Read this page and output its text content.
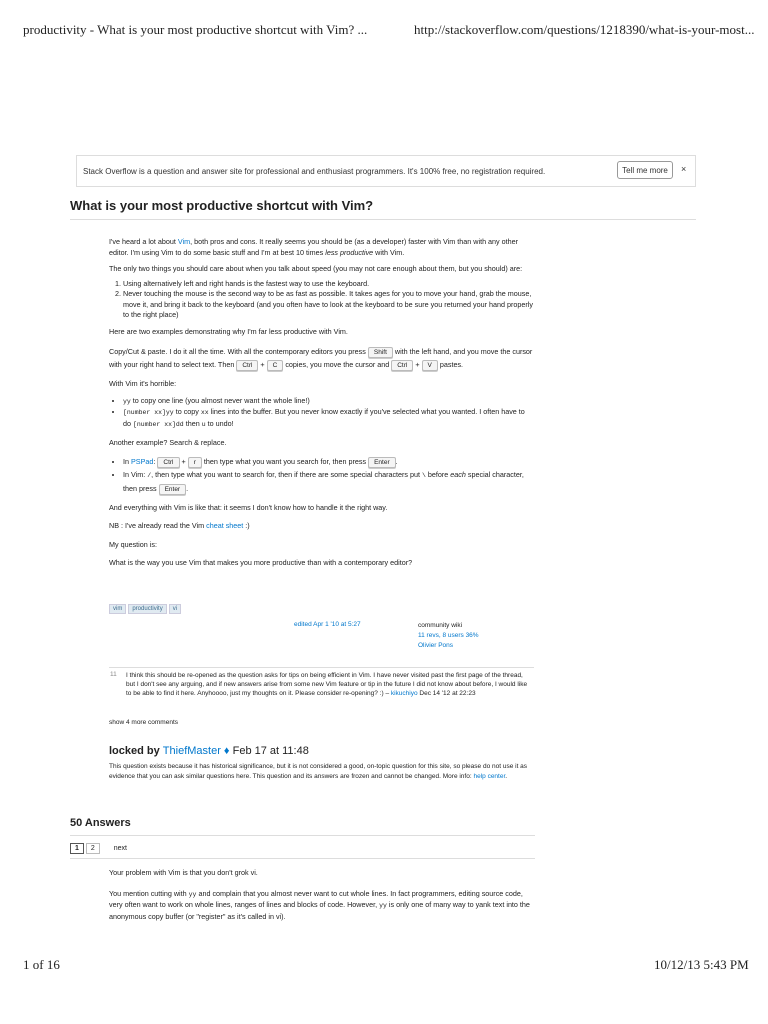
productivity - What is your most productive shortcut with Vim? ...	http://stackoverflow.com/questions/1218390/what-is-your-most...
Stack Overflow is a question and answer site for professional and enthusiast programmers. It's 100% free, no registration required.	Tell me more	×
What is your most productive shortcut with Vim?

I've heard a lot about Vim, both pros and cons. It really seems you should be (as a developer) faster with Vim than with any other editor. I'm using Vim to do some basic stuff and I'm at best 10 times less productive with Vim.

The only two things you should care about when you talk about speed (you may not care enough about them, but you should) are:

1. Using alternatively left and right hands is the fastest way to use the keyboard.
2. Never touching the mouse is the second way to be as fast as possible. It takes ages for you to move your hand, grab the mouse, move it, and bring it back to the keyboard (and you often have to look at the keyboard to be sure you returned your hand properly to the right place)

Here are two examples demonstrating why I'm far less productive with Vim.

Copy/Cut & paste. I do it all the time. With all the contemporary editors you press Shift with the left hand, and you move the cursor with your right hand to select text. Then Ctrl + C copies, you move the cursor and Ctrl + V pastes.

With Vim it's horrible:

• yy to copy one line (you almost never want the whole line!)
• [number xx]yy to copy xx lines into the buffer. But you never know exactly if you've selected what you wanted. I often have to do [number xx]dd then u to undo!

Another example? Search & replace.

• In PSPad: Ctrl + r then type what you want you search for, then press Enter .
• In Vim: /, then type what you want to search for, then if there are some special characters put \ before each special character, then press Enter .

And everything with Vim is like that: it seems I don't know how to handle it the right way.

NB : I've already read the Vim cheat sheet :)

My question is:

What is the way you use Vim that makes you more productive than with a contemporary editor?

vim productivity vi
edited Apr 1 '10 at 5:27	community wiki
11 revs, 8 users 36%
Olivier Pons
11 I think this should be re-opened as the question asks for tips on being efficient in Vim. I have never visited past the first page of the thread, but I don't see any arguing, and if new answers arise from some new Vim feature or tip in the future I did not know about before, I would like to be able to find it here. Anyhoooo, just my thoughts on it. Please consider re-opening? :) – kikuchiyo Dec 14 '12 at 22:23
show 4 more comments
locked by ThiefMaster ♦ Feb 17 at 11:48
This question exists because it has historical significance, but it is not considered a good, on-topic question for this site, so please do not use it as evidence that you can ask similar questions here. This question and its answers are frozen and cannot be changed. More info: help center.
50 Answers
1 2	next

Your problem with Vim is that you don't grok vi.

You mention cutting with yy and complain that you almost never want to cut whole lines. In fact programmers, editing source code, very often want to work on whole lines, ranges of lines and blocks of code. However, yy is only one of many way to yank text into the anonymous copy buffer (or "register" as it's called in vi).

1 of 16	10/12/13 5:43 PM
